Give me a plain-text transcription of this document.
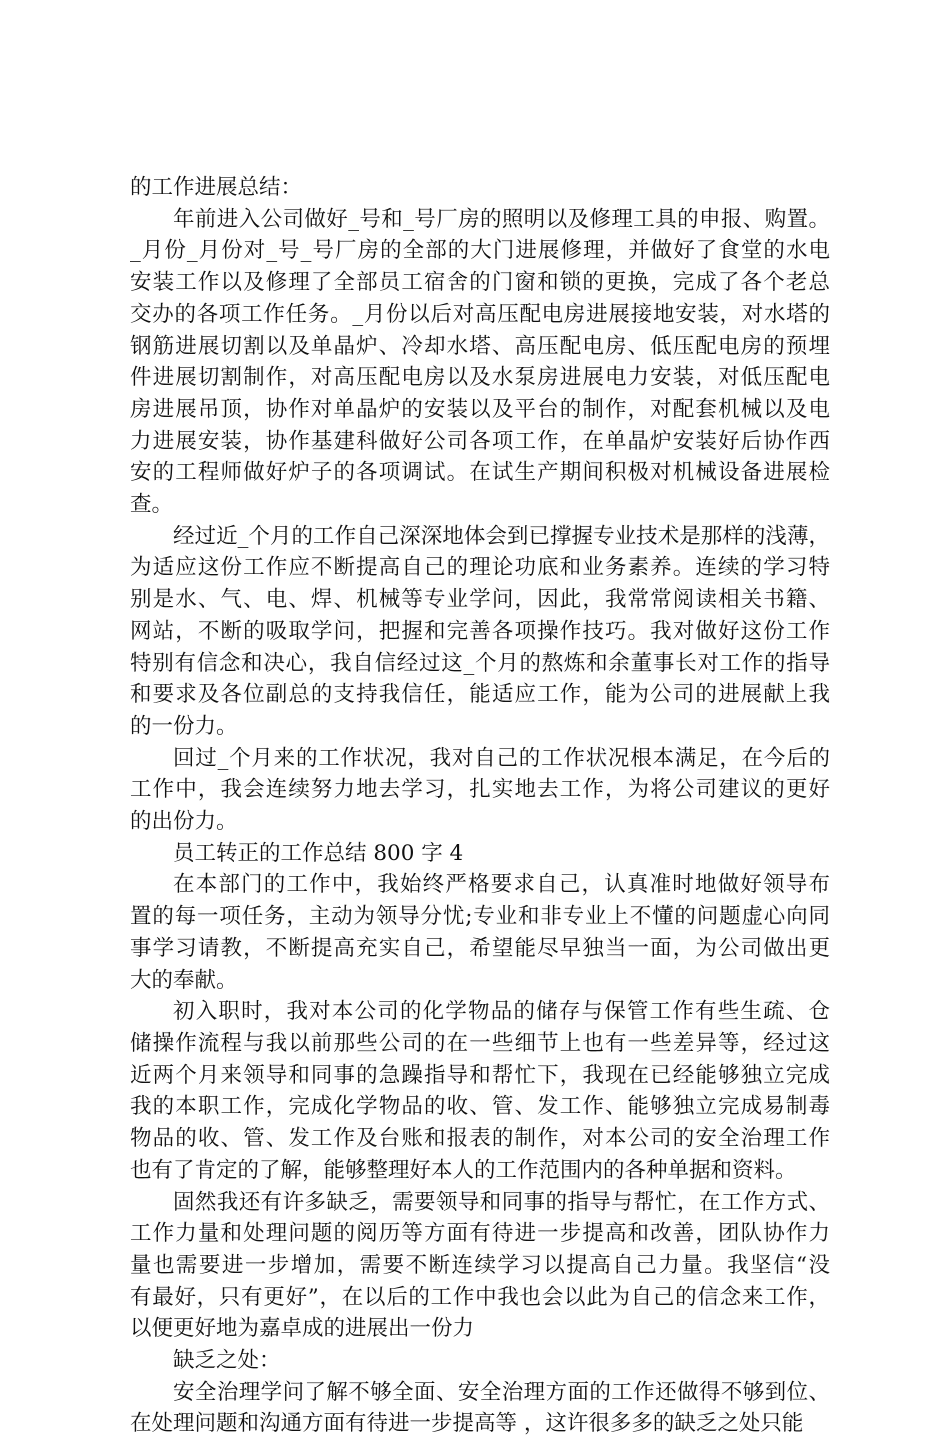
的工作进展总结：
年前进入公司做好_号和_号厂房的照明以及修理工具的申报、购置。
_月份_月份对_号_号厂房的全部的大门进展修理，并做好了食堂的水电
安装工作以及修理了全部员工宿舍的门窗和锁的更换，完成了各个老总
交办的各项工作任务。_月份以后对高压配电房进展接地安装，对水塔的
钢筋进展切割以及单晶炉、冷却水塔、高压配电房、低压配电房的预埋
件进展切割制作，对高压配电房以及水泵房进展电力安装，对低压配电
房进展吊顶，协作对单晶炉的安装以及平台的制作，对配套机械以及电
力进展安装，协作基建科做好公司各项工作，在单晶炉安装好后协作西
安的工程师做好炉子的各项调试。在试生产期间积极对机械设备进展检
查。
经过近_个月的工作自己深深地体会到已撑握专业技术是那样的浅薄，
为适应这份工作应不断提高自己的理论功底和业务素养。连续的学习特
别是水、气、电、焊、机械等专业学问，因此，我常常阅读相关书籍、
网站，不断的吸取学问，把握和完善各项操作技巧。我对做好这份工作
特别有信念和决心，我自信经过这_个月的熬炼和余董事长对工作的指导
和要求及各位副总的支持我信任，能适应工作，能为公司的进展献上我
的一份力。
回过_个月来的工作状况，我对自己的工作状况根本满足，在今后的
工作中，我会连续努力地去学习，扎实地去工作，为将公司建议的更好
的出份力。
员工转正的工作总结 800 字 4
在本部门的工作中，我始终严格要求自己，认真准时地做好领导布
置的每一项任务，主动为领导分忧;专业和非专业上不懂的问题虚心向同
事学习请教，不断提高充实自己，希望能尽早独当一面，为公司做出更
大的奉献。
初入职时，我对本公司的化学物品的储存与保管工作有些生疏、仓
储操作流程与我以前那些公司的在一些细节上也有一些差异等，经过这
近两个月来领导和同事的急躁指导和帮忙下，我现在已经能够独立完成
我的本职工作，完成化学物品的收、管、发工作、能够独立完成易制毒
物品的收、管、发工作及台账和报表的制作，对本公司的安全治理工作
也有了肯定的了解，能够整理好本人的工作范围内的各种单据和资料。
固然我还有许多缺乏，需要领导和同事的指导与帮忙，在工作方式、
工作力量和处理问题的阅历等方面有待进一步提高和改善，团队协作力
量也需要进一步增加，需要不断连续学习以提高自己力量。我坚信“没
有最好，只有更好”，在以后的工作中我也会以此为自己的信念来工作，
以便更好地为嘉卓成的进展出一份力
缺乏之处：
安全治理学问了解不够全面、安全治理方面的工作还做得不够到位、
在处理问题和沟通方面有待进一步提高等 ，这许很多多的缺乏之处只能
